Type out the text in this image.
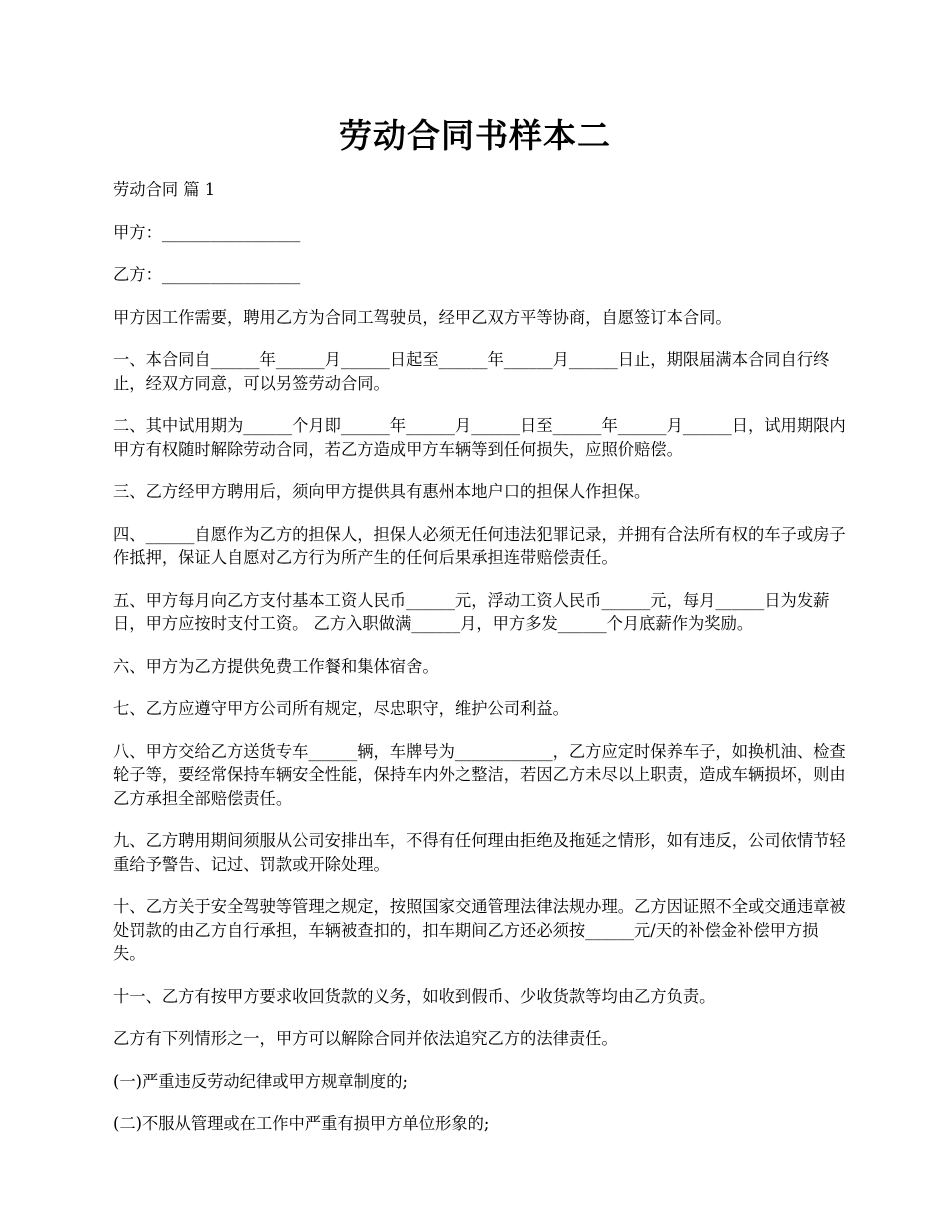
劳动合同书样本二

劳动合同 篇 1

甲方：_________________

乙方：_________________

甲方因工作需要，聘用乙方为合同工驾驶员，经甲乙双方平等协商，自愿签订本合同。

一、本合同自______年______月______日起至______年______月______日止，期限届满本合同自行终止，经双方同意，可以另签劳动合同。

二、其中试用期为______个月即______年______月______日至______年______月______日，试用期限内甲方有权随时解除劳动合同，若乙方造成甲方车辆等到任何损失，应照价赔偿。

三、乙方经甲方聘用后，须向甲方提供具有惠州本地户口的担保人作担保。

四、______自愿作为乙方的担保人，担保人必须无任何违法犯罪记录，并拥有合法所有权的车子或房子作抵押，保证人自愿对乙方行为所产生的任何后果承担连带赔偿责任。

五、甲方每月向乙方支付基本工资人民币______元，浮动工资人民币______元，每月______日为发薪日，甲方应按时支付工资。 乙方入职做满______月，甲方多发______个月底薪作为奖励。

六、甲方为乙方提供免费工作餐和集体宿舍。

七、乙方应遵守甲方公司所有规定，尽忠职守，维护公司利益。

八、甲方交给乙方送货专车______辆，车牌号为____________，乙方应定时保养车子，如换机油、检查轮子等，要经常保持车辆安全性能，保持车内外之整洁，若因乙方未尽以上职责，造成车辆损坏，则由乙方承担全部赔偿责任。

九、乙方聘用期间须服从公司安排出车，不得有任何理由拒绝及拖延之情形，如有违反，公司依情节轻重给予警告、记过、罚款或开除处理。

十、乙方关于安全驾驶等管理之规定，按照国家交通管理法律法规办理。乙方因证照不全或交通违章被处罚款的由乙方自行承担，车辆被查扣的，扣车期间乙方还必须按______元/天的补偿金补偿甲方损失。

十一、乙方有按甲方要求收回货款的义务，如收到假币、少收货款等均由乙方负责。

乙方有下列情形之一，甲方可以解除合同并依法追究乙方的法律责任。

(一)严重违反劳动纪律或甲方规章制度的;

(二)不服从管理或在工作中严重有损甲方单位形象的;
